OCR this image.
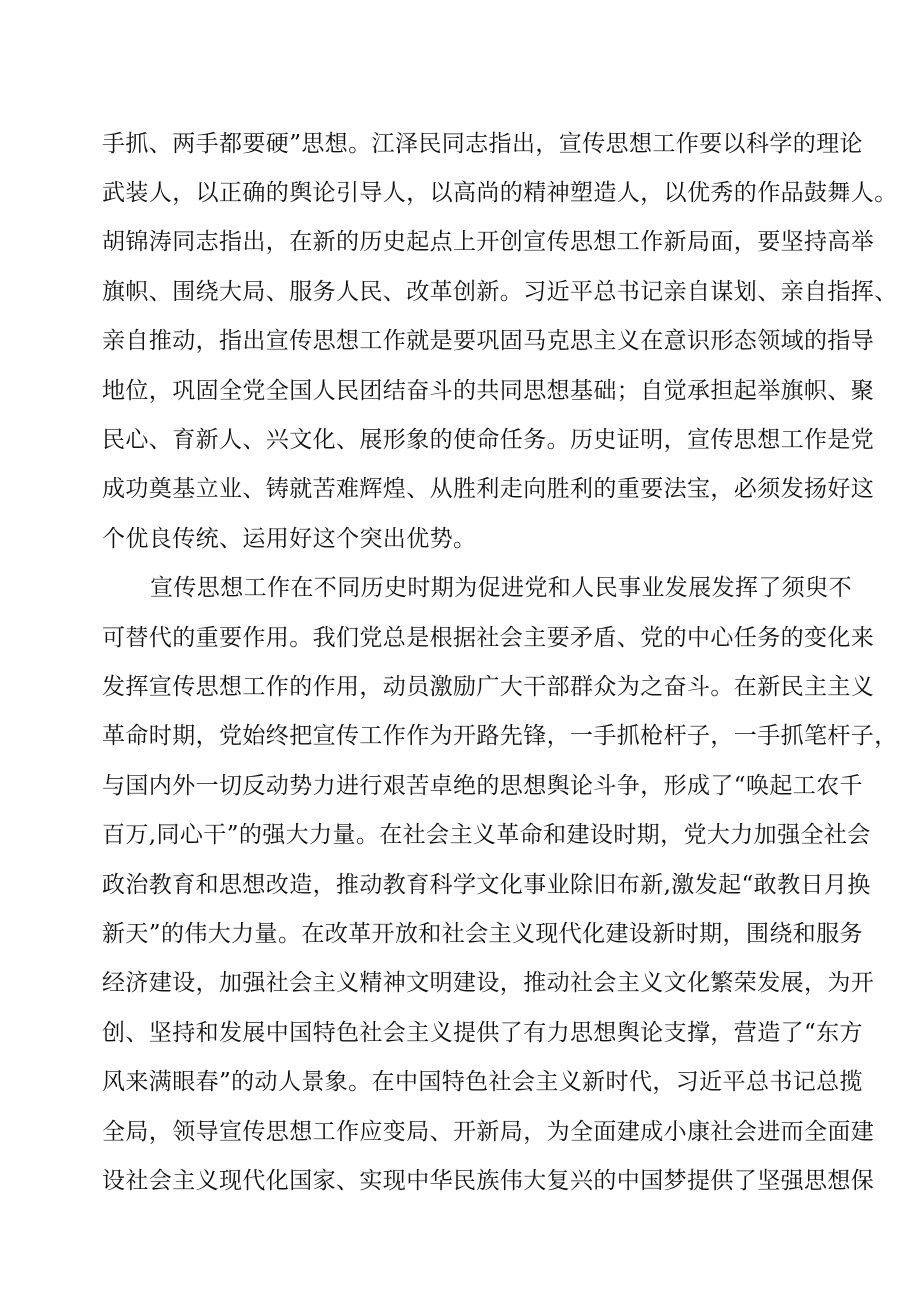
手抓、两手都要硬”思想。江泽民同志指出，宣传思想工作要以科学的理论
武装人，以正确的舆论引导人，以高尚的精神塑造人，以优秀的作品鼓舞人。
胡锦涛同志指出，在新的历史起点上开创宣传思想工作新局面，要坚持高举
旗帜、围绕大局、服务人民、改革创新。习近平总书记亲自谋划、亲自指挥、
亲自推动，指出宣传思想工作就是要巩固马克思主义在意识形态领域的指导
地位，巩固全党全国人民团结奋斗的共同思想基础；自觉承担起举旗帜、聚
民心、育新人、兴文化、展形象的使命任务。历史证明，宣传思想工作是党
成功奠基立业、铸就苦难辉煌、从胜利走向胜利的重要法宝，必须发扬好这
个优良传统、运用好这个突出优势。
宣传思想工作在不同历史时期为促进党和人民事业发展发挥了须臾不
可替代的重要作用。我们党总是根据社会主要矛盾、党的中心任务的变化来
发挥宣传思想工作的作用，动员激励广大干部群众为之奋斗。在新民主主义
革命时期，党始终把宣传工作作为开路先锋，一手抓枪杆子，一手抓笔杆子，
与国内外一切反动势力进行艰苦卓绝的思想舆论斗争，形成了“唤起工农千
百万,同心干”的强大力量。在社会主义革命和建设时期，党大力加强全社会
政治教育和思想改造，推动教育科学文化事业除旧布新,激发起“敢教日月换
新天”的伟大力量。在改革开放和社会主义现代化建设新时期，围绕和服务
经济建设，加强社会主义精神文明建设，推动社会主义文化繁荣发展，为开
创、坚持和发展中国特色社会主义提供了有力思想舆论支撑，营造了“东方
风来满眼春”的动人景象。在中国特色社会主义新时代，习近平总书记总揽
全局，领导宣传思想工作应变局、开新局，为全面建成小康社会进而全面建
设社会主义现代化国家、实现中华民族伟大复兴的中国梦提供了坚强思想保
